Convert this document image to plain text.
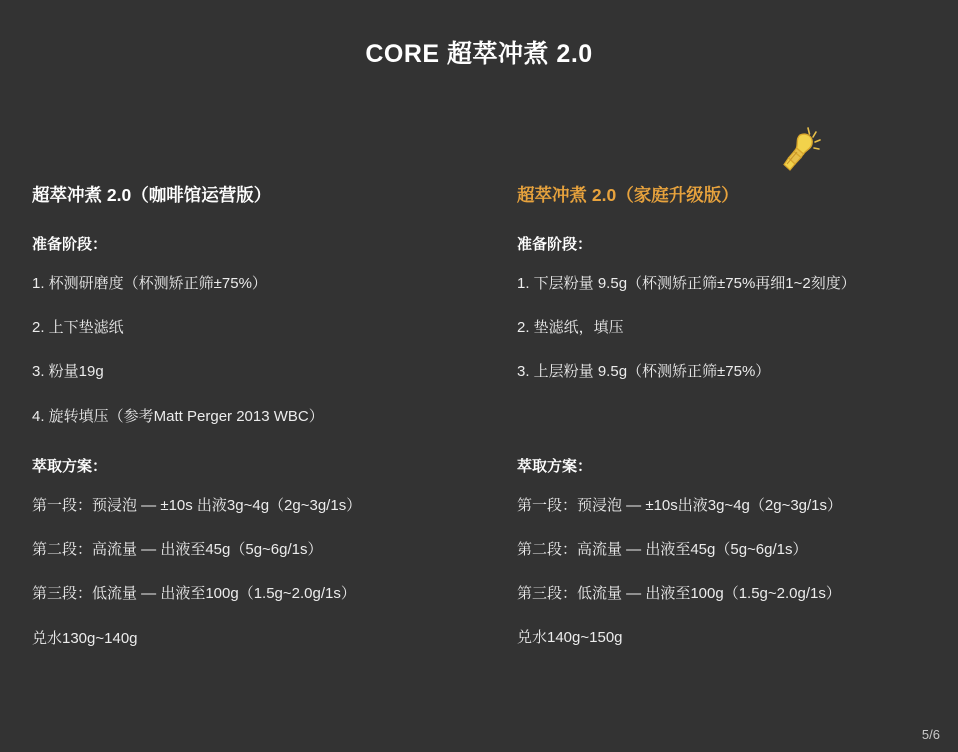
CORE 超萃冲煮 2.0
超萃冲煮 2.0（咖啡馆运营版）
准备阶段：
1. 杯测研磨度（杯测矫正筛±75%）
2. 上下垫滤纸
3. 粉量19g
4. 旋转填压（参考Matt Perger 2013 WBC）
萃取方案：
第一段：预浸泡 — ±10s 出液3g~4g（2g~3g/1s）
第二段：高流量 — 出液至45g（5g~6g/1s）
第三段：低流量 — 出液至100g（1.5g~2.0g/1s）
兑水130g~140g
超萃冲煮 2.0（家庭升级版）
准备阶段：
1. 下层粉量 9.5g（杯测矫正筛±75%再细1~2刻度）
2. 垫滤纸，填压
3. 上层粉量 9.5g（杯测矫正筛±75%）
萃取方案：
第一段：预浸泡 — ±10s出液3g~4g（2g~3g/1s）
第二段：高流量 — 出液至45g（5g~6g/1s）
第三段：低流量 — 出液至100g（1.5g~2.0g/1s）
兑水140g~150g
5/6
